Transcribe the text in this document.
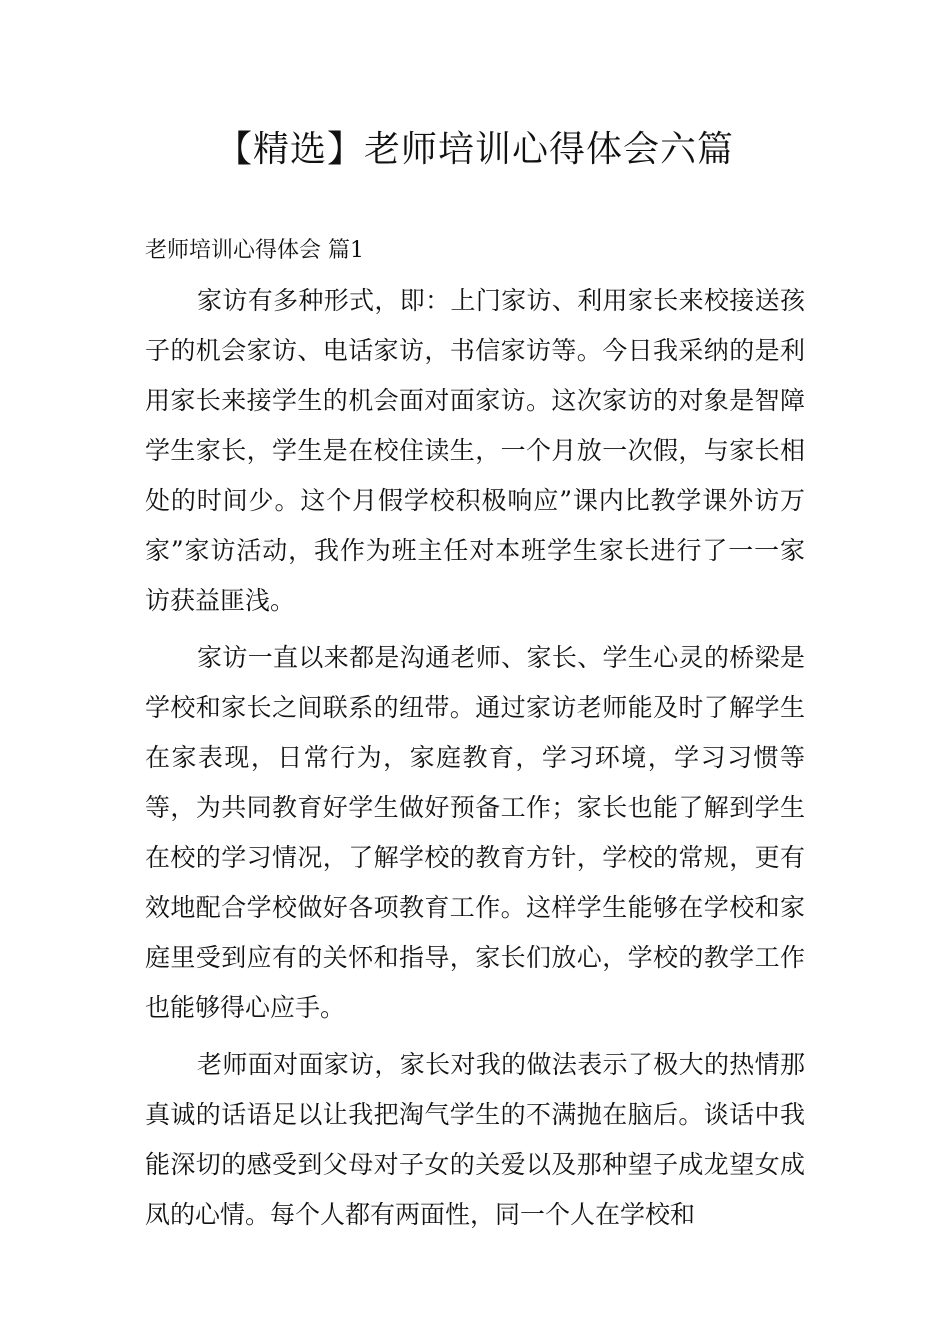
【精选】老师培训心得体会六篇
老师培训心得体会 篇1

家访有多种形式，即：上门家访、利用家长来校接送孩子的机会家访、电话家访，书信家访等。今日我采纳的是利用家长来接学生的机会面对面家访。这次家访的对象是智障学生家长，学生是在校住读生，一个月放一次假，与家长相处的时间少。这个月假学校积极响应”课内比教学课外访万家”家访活动，我作为班主任对本班学生家长进行了一一家访获益匪浅。

家访一直以来都是沟通老师、家长、学生心灵的桥梁是学校和家长之间联系的纽带。通过家访老师能及时了解学生在家表现，日常行为，家庭教育，学习环境，学习习惯等等，为共同教育好学生做好预备工作；家长也能了解到学生在校的学习情况，了解学校的教育方针，学校的常规，更有效地配合学校做好各项教育工作。这样学生能够在学校和家庭里受到应有的关怀和指导，家长们放心，学校的教学工作也能够得心应手。

老师面对面家访，家长对我的做法表示了极大的热情那真诚的话语足以让我把淘气学生的不满抛在脑后。谈话中我能深切的感受到父母对子女的关爱以及那种望子成龙望女成凤的心情。每个人都有两面性，同一个人在学校和
